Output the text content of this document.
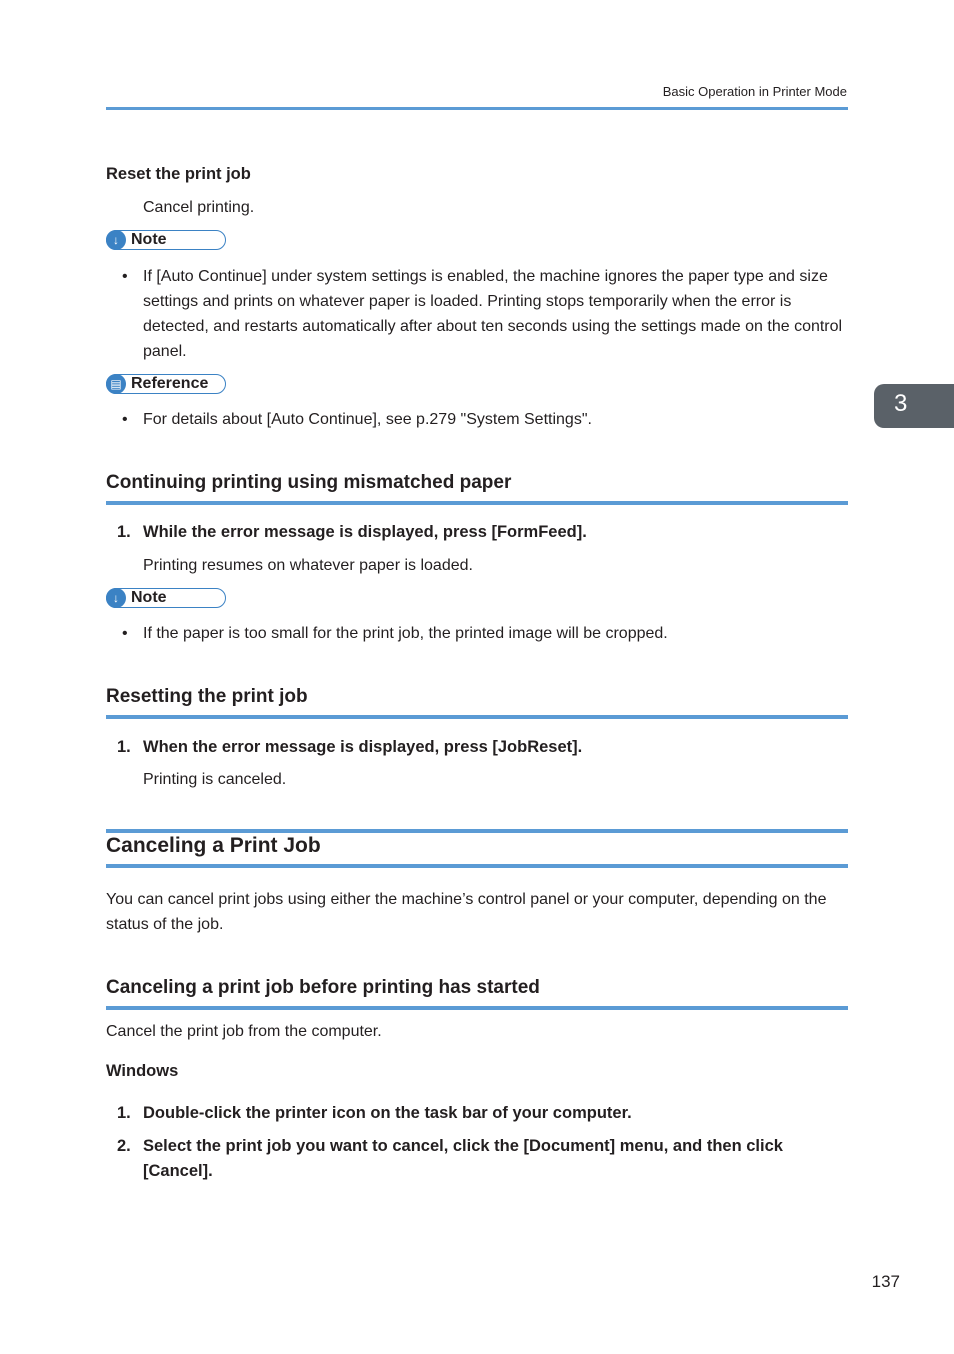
Basic Operation in Printer Mode
3
Reset the print job
Cancel printing.
↓ Note
• If [Auto Continue] under system settings is enabled, the machine ignores the paper type and size settings and prints on whatever paper is loaded. Printing stops temporarily when the error is detected, and restarts automatically after about ten seconds using the settings made on the control panel.
▤ Reference
• For details about [Auto Continue], see p.279 "System Settings".
Continuing printing using mismatched paper
1. While the error message is displayed, press [FormFeed].
Printing resumes on whatever paper is loaded.
↓ Note
• If the paper is too small for the print job, the printed image will be cropped.
Resetting the print job
1. When the error message is displayed, press [JobReset].
Printing is canceled.
Canceling a Print Job
You can cancel print jobs using either the machine’s control panel or your computer, depending on the status of the job.
Canceling a print job before printing has started
Cancel the print job from the computer.
Windows
1. Double-click the printer icon on the task bar of your computer.
2. Select the print job you want to cancel, click the [Document] menu, and then click [Cancel].
137
